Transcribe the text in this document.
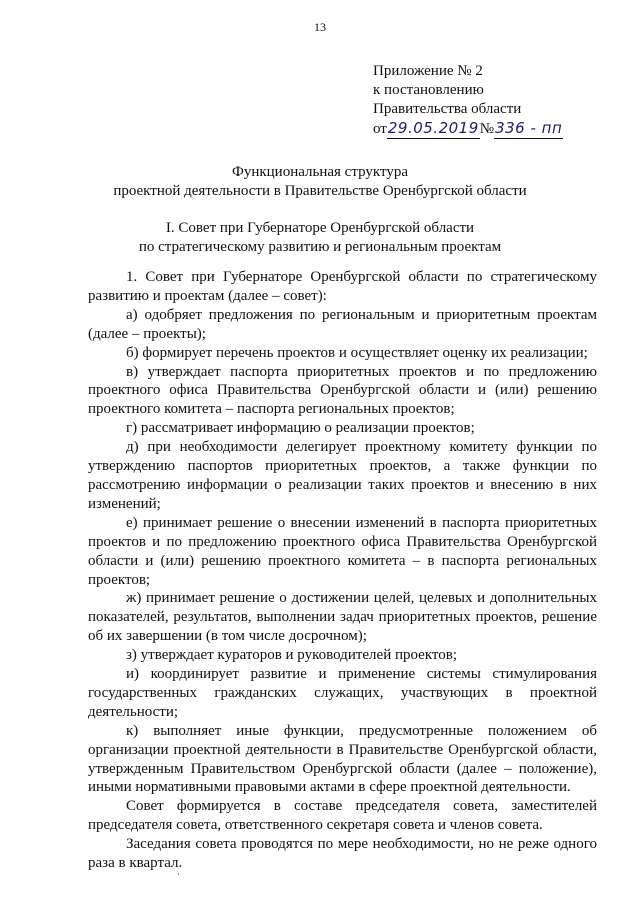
13
Приложение № 2
к постановлению
Правительства области
от 29.05.2019 № 336 - пп
Функциональная структура
проектной деятельности в Правительстве Оренбургской области
I. Совет при Губернаторе Оренбургской области
по стратегическому развитию и региональным проектам

1. Совет при Губернаторе Оренбургской области по стратегическому развитию и проектам (далее – совет):

а) одобряет предложения по региональным и приоритетным проектам (далее – проекты);

б) формирует перечень проектов и осуществляет оценку их реализации;

в) утверждает паспорта приоритетных проектов и по предложению проектного офиса Правительства Оренбургской области и (или) решению проектного комитета – паспорта региональных проектов;

г) рассматривает информацию о реализации проектов;

д) при необходимости делегирует проектному комитету функции по утверждению паспортов приоритетных проектов, а также функции по рассмотрению информации о реализации таких проектов и внесению в них изменений;

е) принимает решение о внесении изменений в паспорта приоритетных проектов и по предложению проектного офиса Правительства Оренбургской области и (или) решению проектного комитета – в паспорта региональных проектов;

ж) принимает решение о достижении целей, целевых и дополнительных показателей, результатов, выполнении задач приоритетных проектов, решение об их завершении (в том числе досрочном);

з) утверждает кураторов и руководителей проектов;

и) координирует развитие и применение системы стимулирования государственных гражданских служащих, участвующих в проектной деятельности;

к) выполняет иные функции, предусмотренные положением об организации проектной деятельности в Правительстве Оренбургской области, утвержденным Правительством Оренбургской области (далее – положение), иными нормативными правовыми актами в сфере проектной деятельности.

Совет формируется в составе председателя совета, заместителей председателя совета, ответственного секретаря совета и членов совета.

Заседания совета проводятся по мере необходимости, но не реже одного раза в квартал.
